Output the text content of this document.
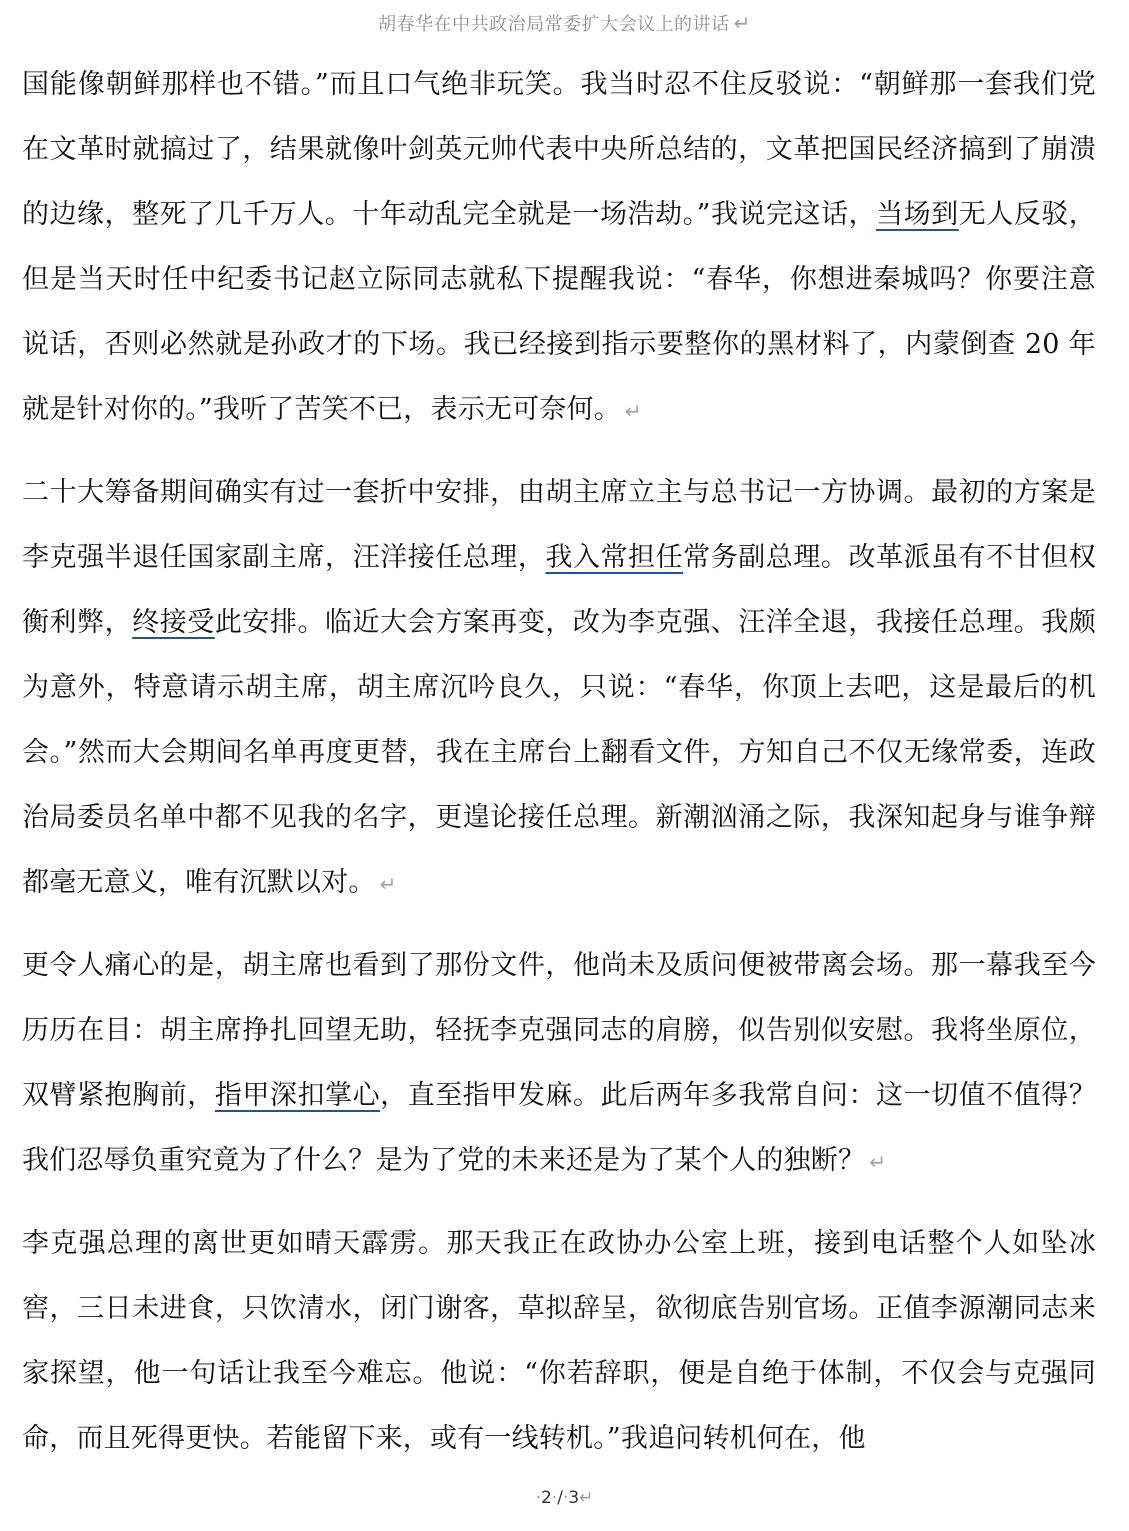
胡春华在中共政治局常委扩大会议上的讲话 ↵

国能像朝鲜那样也不错。”而且口气绝非玩笑。我当时忍不住反驳说：“朝鲜那一套我们党在文革时就搞过了，结果就像叶剑英元帅代表中央所总结的，文革把国民经济搞到了崩溃的边缘，整死了几千万人。十年动乱完全就是一场浩劫。”我说完这话，当场到无人反驳，但是当天时任中纪委书记赵立际同志就私下提醒我说：“春华，你想进秦城吗？你要注意说话，否则必然就是孙政才的下场。我已经接到指示要整你的黑材料了，内蒙倒查 20 年就是针对你的。”我听了苦笑不已，表示无可奈何。 ↵

二十大筹备期间确实有过一套折中安排，由胡主席立主与总书记一方协调。最初的方案是李克强半退任国家副主席，汪洋接任总理，我入常担任常务副总理。改革派虽有不甘但权衡利弊，终接受此安排。临近大会方案再变，改为李克强、汪洋全退，我接任总理。我颇为意外，特意请示胡主席，胡主席沉吟良久，只说：“春华，你顶上去吧，这是最后的机会。”然而大会期间名单再度更替，我在主席台上翻看文件，方知自己不仅无缘常委，连政治局委员名单中都不见我的名字，更遑论接任总理。新潮汹涌之际，我深知起身与谁争辩都毫无意义，唯有沉默以对。 ↵

更令人痛心的是，胡主席也看到了那份文件，他尚未及质问便被带离会场。那一幕我至今历历在目：胡主席挣扎回望无助，轻抚李克强同志的肩膀，似告别似安慰。我将坐原位，双臂紧抱胸前，指甲深扣掌心，直至指甲发麻。此后两年多我常自问：这一切值不值得？我们忍辱负重究竟为了什么？是为了党的未来还是为了某个人的独断？ ↵

李克强总理的离世更如晴天霹雳。那天我正在政协办公室上班，接到电话整个人如坠冰窖，三日未进食，只饮清水，闭门谢客，草拟辞呈，欲彻底告别官场。正值李源潮同志来家探望，他一句话让我至今难忘。他说：“你若辞职，便是自绝于体制，不仅会与克强同命，而且死得更快。若能留下来，或有一线转机。”我追问转机何在，他

·2·/·3↵
